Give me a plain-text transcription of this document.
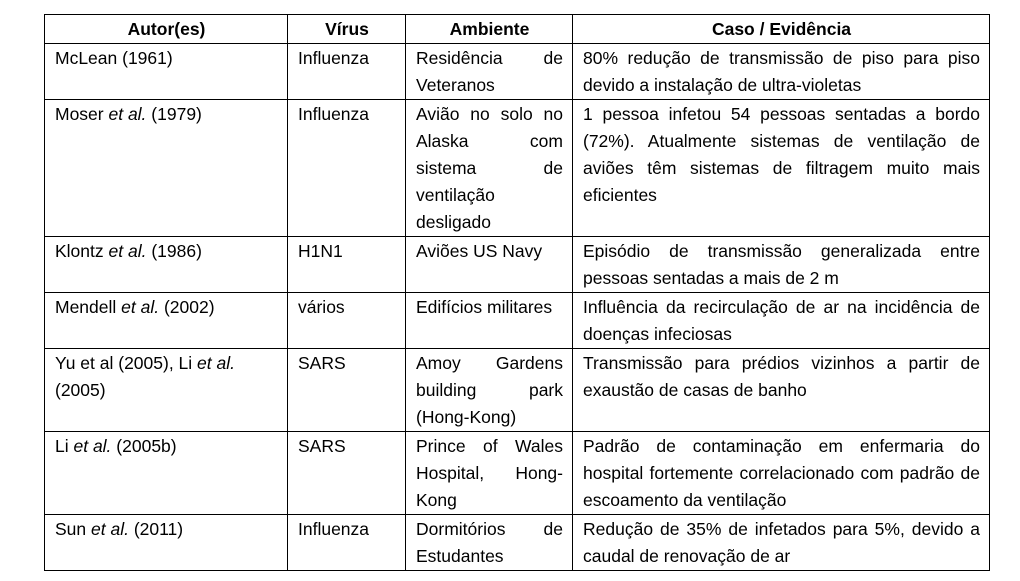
Autor(es)	Vírus	Ambiente	Caso / Evidência
McLean (1961)	Influenza	Residência de Veteranos	80% redução de transmissão de piso para piso devido a instalação de ultra-violetas
Moser et al. (1979)	Influenza	Avião no solo no Alaska com sistema de ventilação desligado	1 pessoa infetou 54 pessoas sentadas a bordo (72%). Atualmente sistemas de ventilação de aviões têm sistemas de filtragem muito mais eficientes
Klontz et al. (1986)	H1N1	Aviões US Navy	Episódio de transmissão generalizada entre pessoas sentadas a mais de 2 m
Mendell et al. (2002)	vários	Edifícios militares	Influência da recirculação de ar na incidência de doenças infeciosas
Yu et al (2005), Li et al. (2005)	SARS	Amoy Gardens building park (Hong-Kong)	Transmissão para prédios vizinhos a partir de exaustão de casas de banho
Li et al. (2005b)	SARS	Prince of Wales Hospital, Hong-Kong	Padrão de contaminação em enfermaria do hospital fortemente correlacionado com padrão de escoamento da ventilação
Sun et al. (2011)	Influenza	Dormitórios de Estudantes	Redução de 35% de infetados para 5%, devido a caudal de renovação de ar
